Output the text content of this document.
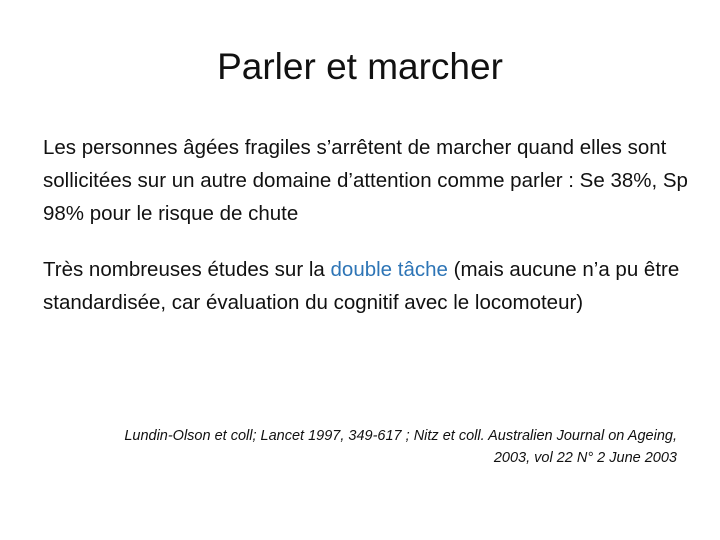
Parler et marcher
Les personnes âgées fragiles s’arrêtent de marcher quand elles sont sollicitées sur un autre domaine d’attention comme parler : Se 38%, Sp 98% pour le risque de chute
Très nombreuses études sur la double tâche (mais aucune n’a pu être standardisée, car évaluation du cognitif avec le locomoteur)
Lundin-Olson et coll; Lancet 1997, 349-617 ; Nitz et coll. Australien Journal on Ageing,
2003, vol 22 N° 2 June 2003
